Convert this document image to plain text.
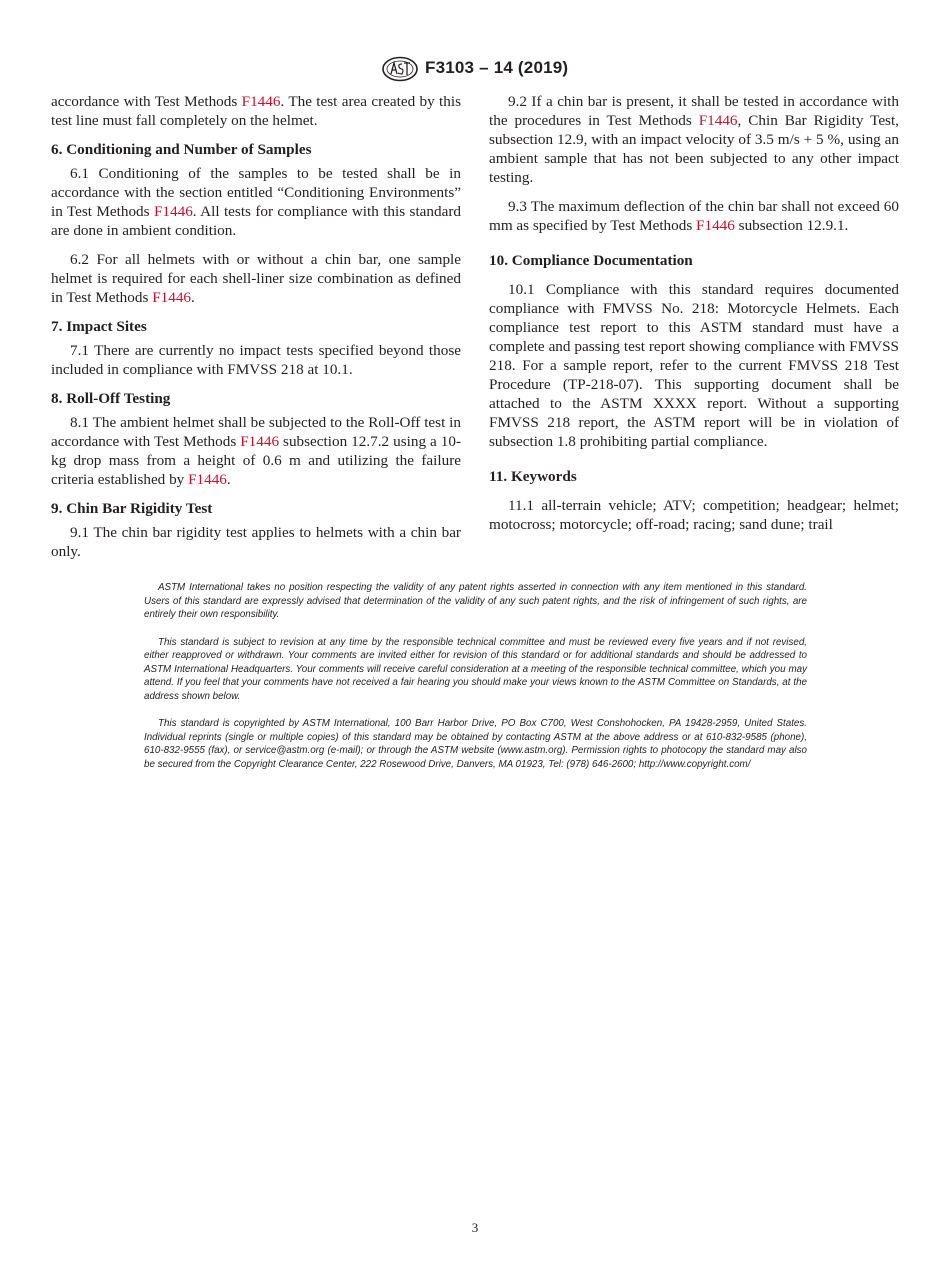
F3103 – 14 (2019)

accordance with Test Methods F1446. The test area created by this test line must fall completely on the helmet.

6. Conditioning and Number of Samples

6.1 Conditioning of the samples to be tested shall be in accordance with the section entitled “Conditioning Environments” in Test Methods F1446. All tests for compliance with this standard are done in ambient condition.

6.2 For all helmets with or without a chin bar, one sample helmet is required for each shell-liner size combination as defined in Test Methods F1446.

7. Impact Sites

7.1 There are currently no impact tests specified beyond those included in compliance with FMVSS 218 at 10.1.

8. Roll-Off Testing

8.1 The ambient helmet shall be subjected to the Roll-Off test in accordance with Test Methods F1446 subsection 12.7.2 using a 10-kg drop mass from a height of 0.6 m and utilizing the failure criteria established by F1446.

9. Chin Bar Rigidity Test

9.1 The chin bar rigidity test applies to helmets with a chin bar only.

9.2 If a chin bar is present, it shall be tested in accordance with the procedures in Test Methods F1446, Chin Bar Rigidity Test, subsection 12.9, with an impact velocity of 3.5 m/s + 5 %, using an ambient sample that has not been subjected to any other impact testing.

9.3 The maximum deflection of the chin bar shall not exceed 60 mm as specified by Test Methods F1446 subsection 12.9.1.

10. Compliance Documentation

10.1 Compliance with this standard requires documented compliance with FMVSS No. 218: Motorcycle Helmets. Each compliance test report to this ASTM standard must have a complete and passing test report showing compliance with FMVSS 218. For a sample report, refer to the current FMVSS 218 Test Procedure (TP-218-07). This supporting document shall be attached to the ASTM XXXX report. Without a supporting FMVSS 218 report, the ASTM report will be in violation of subsection 1.8 prohibiting partial compliance.

11. Keywords

11.1 all-terrain vehicle; ATV; competition; headgear; helmet; motocross; motorcycle; off-road; racing; sand dune; trail

ASTM International takes no position respecting the validity of any patent rights asserted in connection with any item mentioned in this standard. Users of this standard are expressly advised that determination of the validity of any such patent rights, and the risk of infringement of such rights, are entirely their own responsibility.

This standard is subject to revision at any time by the responsible technical committee and must be reviewed every five years and if not revised, either reapproved or withdrawn. Your comments are invited either for revision of this standard or for additional standards and should be addressed to ASTM International Headquarters. Your comments will receive careful consideration at a meeting of the responsible technical committee, which you may attend. If you feel that your comments have not received a fair hearing you should make your views known to the ASTM Committee on Standards, at the address shown below.

This standard is copyrighted by ASTM International, 100 Barr Harbor Drive, PO Box C700, West Conshohocken, PA 19428-2959, United States. Individual reprints (single or multiple copies) of this standard may be obtained by contacting ASTM at the above address or at 610-832-9585 (phone), 610-832-9555 (fax), or service@astm.org (e-mail); or through the ASTM website (www.astm.org). Permission rights to photocopy the standard may also be secured from the Copyright Clearance Center, 222 Rosewood Drive, Danvers, MA 01923, Tel: (978) 646-2600; http://www.copyright.com/

3
